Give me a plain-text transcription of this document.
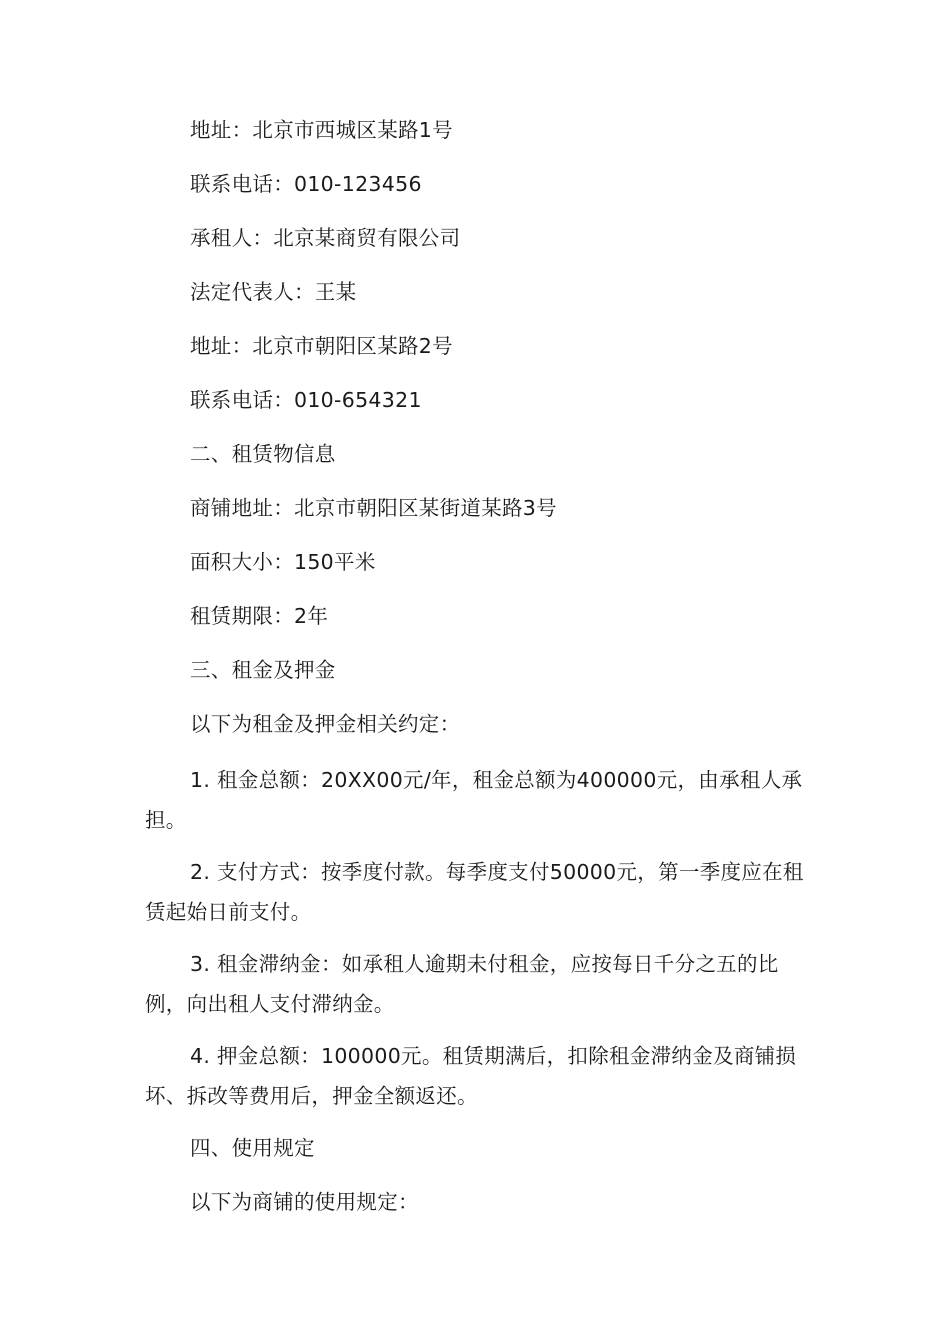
地址：北京市西城区某路1号
联系电话：010-123456
承租人：北京某商贸有限公司
法定代表人：王某
地址：北京市朝阳区某路2号
联系电话：010-654321
二、租赁物信息
商铺地址：北京市朝阳区某街道某路3号
面积大小：150平米
租赁期限：2年
三、租金及押金
以下为租金及押金相关约定：
1. 租金总额：20XX00元/年，租金总额为400000元，由承租人承担。
2. 支付方式：按季度付款。每季度支付50000元，第一季度应在租赁起始日前支付。
3. 租金滞纳金：如承租人逾期未付租金，应按每日千分之五的比例，向出租人支付滞纳金。
4. 押金总额：100000元。租赁期满后，扣除租金滞纳金及商铺损坏、拆改等费用后，押金全额返还。
四、使用规定
以下为商铺的使用规定：
